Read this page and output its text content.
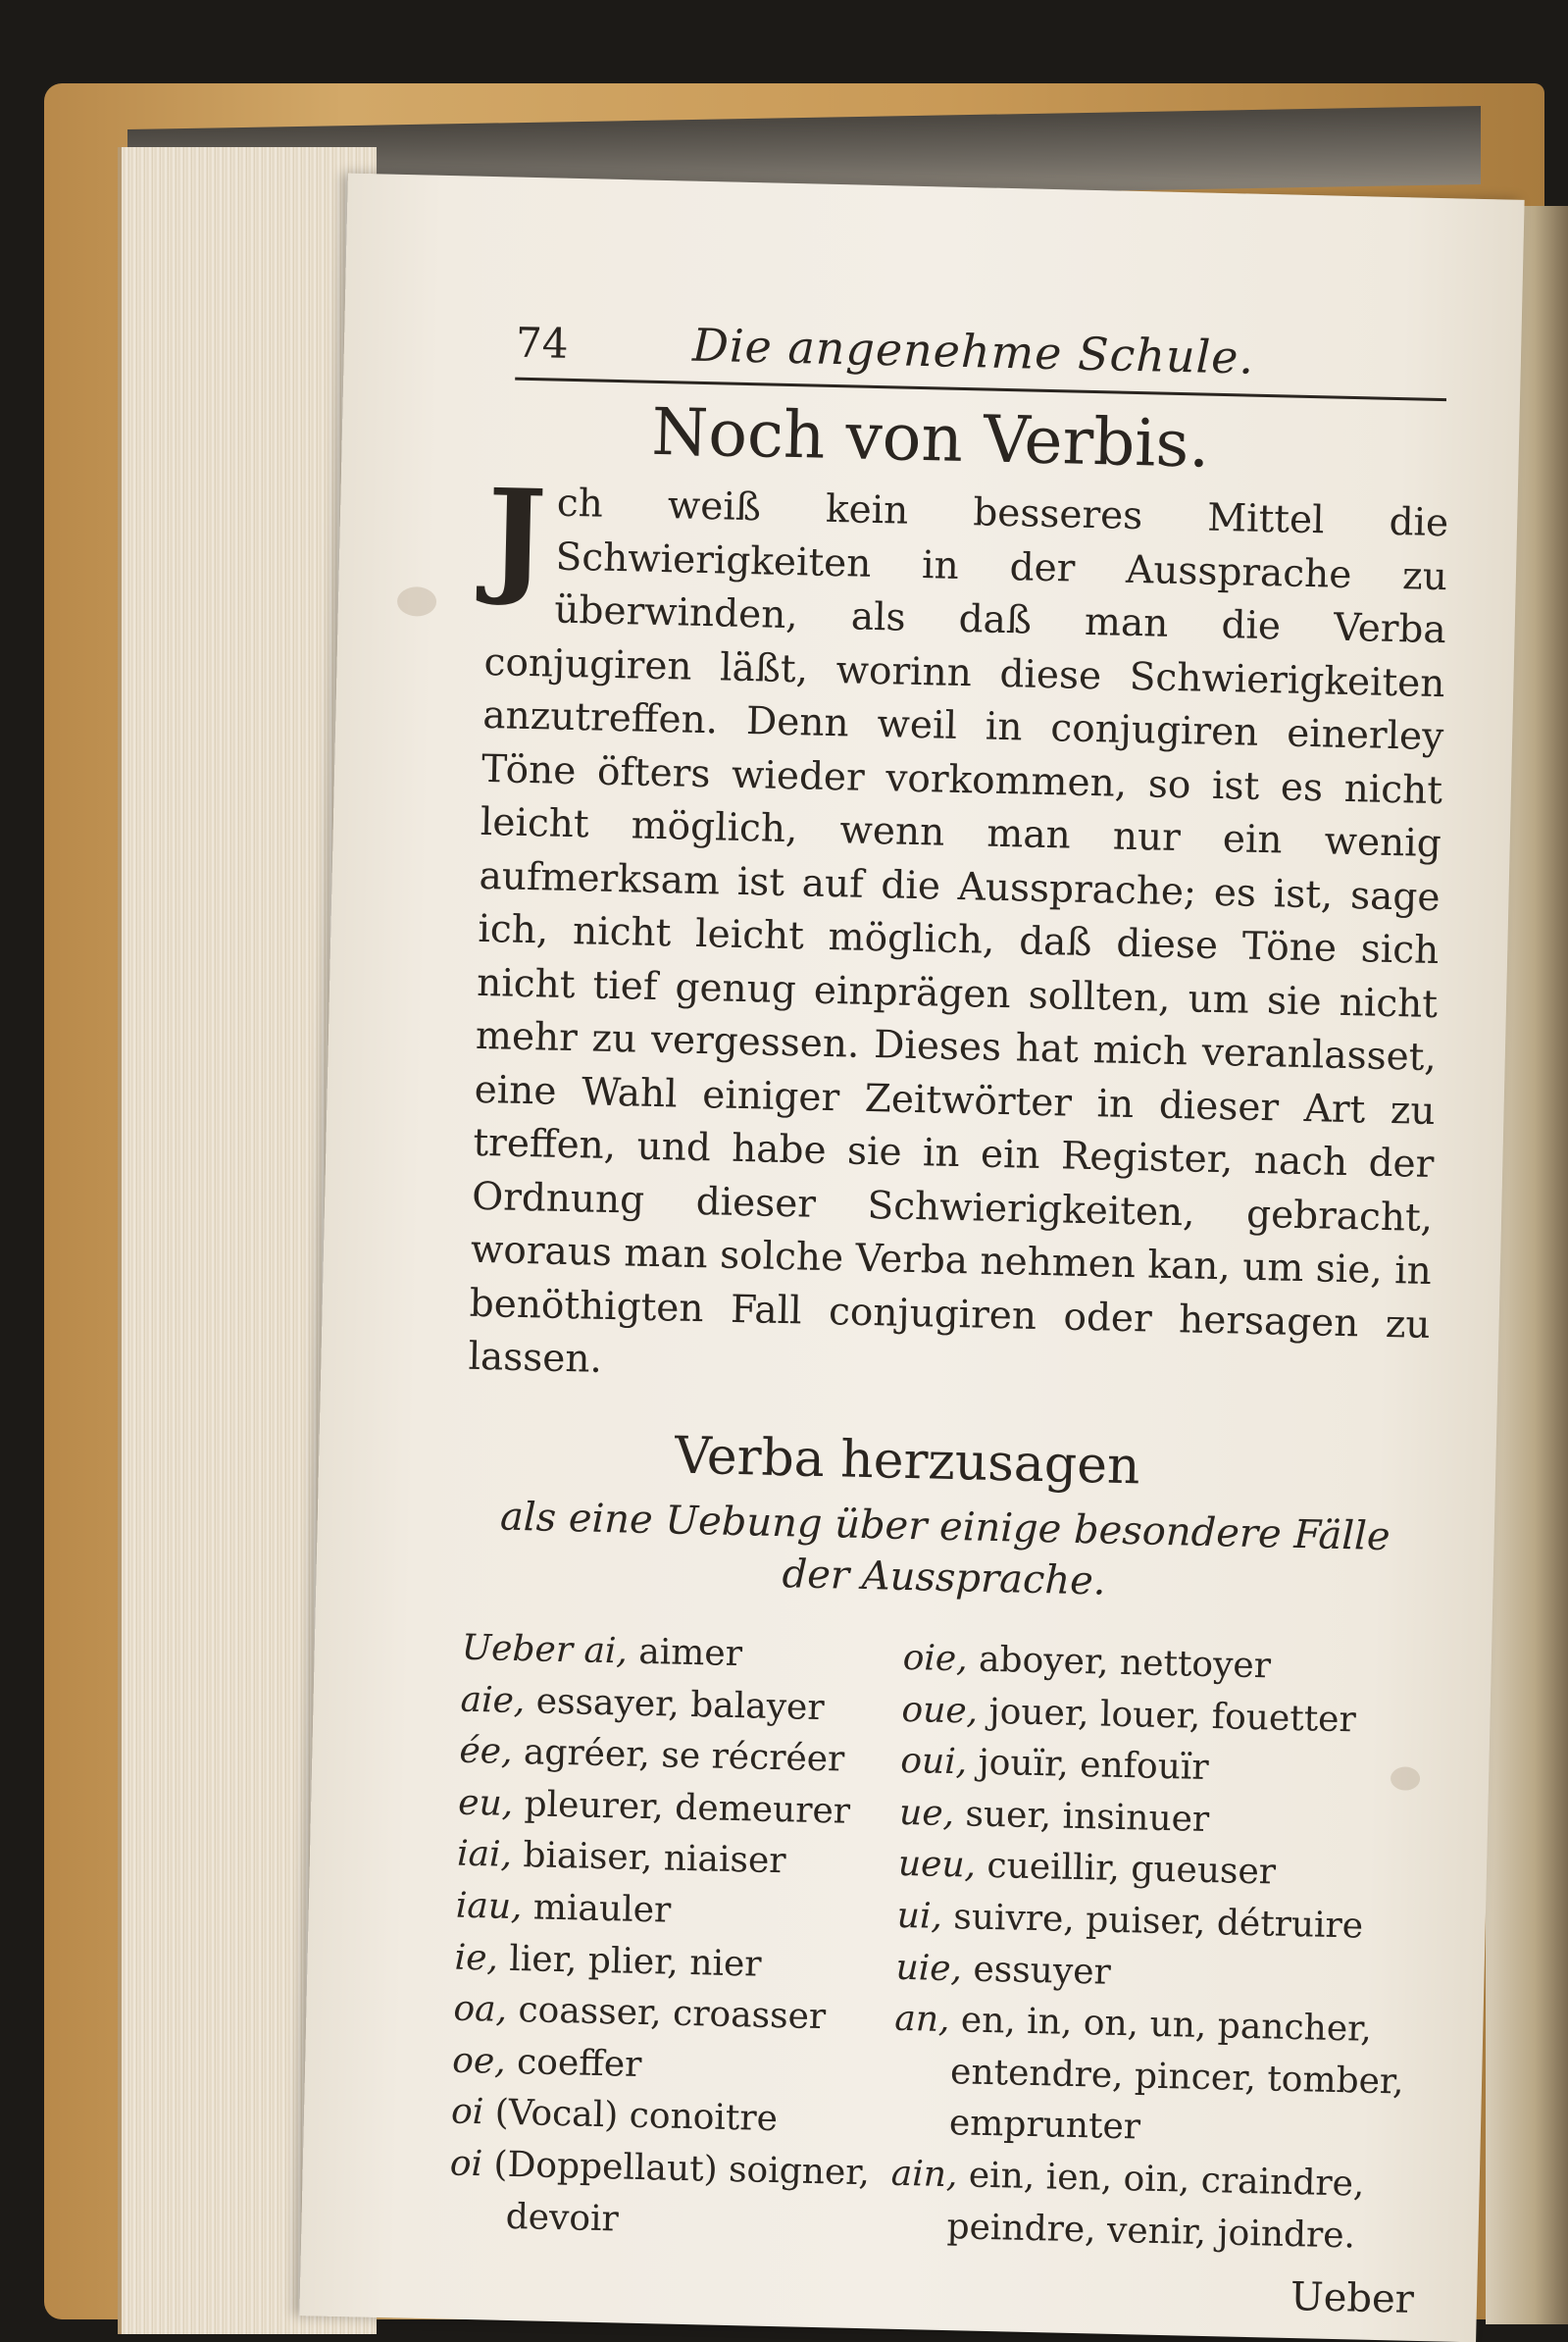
74	Die angenehme Schule.
Noch von Verbis.
Jch weiß kein besseres Mittel die Schwierigkeiten in der Aussprache zu überwinden, als daß man die Verba conjugiren läßt, worinn diese Schwierigkeiten anzutreffen. Denn weil in conjugiren einerley Töne öfters wieder vorkommen, so ist es nicht leicht möglich, wenn man nur ein wenig aufmerksam ist auf die Aussprache; es ist, sage ich, nicht leicht möglich, daß diese Töne sich nicht tief genug einprägen sollten, um sie nicht mehr zu vergessen. Dieses hat mich veranlasset, eine Wahl einiger Zeitwörter in dieser Art zu treffen, und habe sie in ein Register, nach der Ordnung dieser Schwierigkeiten, gebracht, woraus man solche Verba nehmen kan, um sie, in benöthigten Fall conjugiren oder hersagen zu lassen.
Verba herzusagen
als eine Uebung über einige besondere Fälle der Aussprache.
Ueber ai, aimer
aie, essayer, balayer
ée, agréer, se récréer
eu, pleurer, demeurer
iai, biaiser, niaiser
iau, miauler
ie, lier, plier, nier
oa, coasser, croasser
oe, coeffer
oi (Vocal) conoitre
oi (Doppellaut) soigner,
devoir
oie, aboyer, nettoyer
oue, jouer, louer, fouetter
oui, jouïr, enfouïr
ue, suer, insinuer
ueu, cueillir, gueuser
ui, suivre, puiser, détruire
uie, essuyer
an, en, in, on, un, pancher,
entendre, pincer, tomber, emprunter
ain, ein, ien, oin, craindre,
peindre, venir, joindre.
Ueber
